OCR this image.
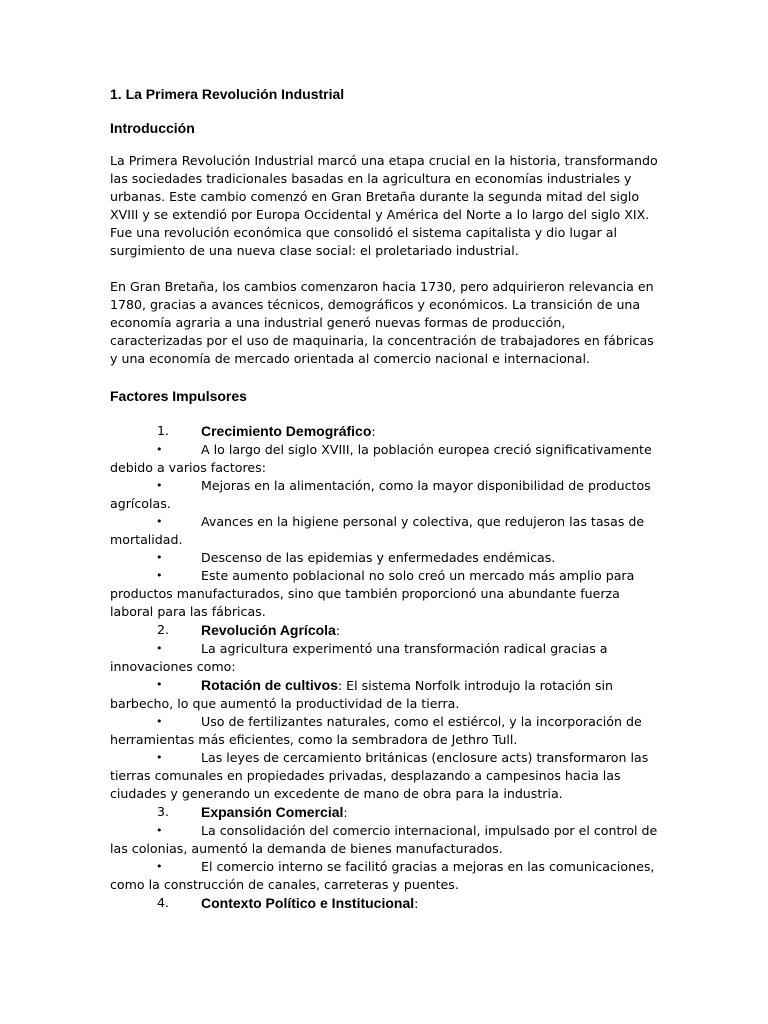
1. La Primera Revolución Industrial
Introducción

La Primera Revolución Industrial marcó una etapa crucial en la historia, transformando las sociedades tradicionales basadas en la agricultura en economías industriales y urbanas. Este cambio comenzó en Gran Bretaña durante la segunda mitad del siglo XVIII y se extendió por Europa Occidental y América del Norte a lo largo del siglo XIX. Fue una revolución económica que consolidó el sistema capitalista y dio lugar al surgimiento de una nueva clase social: el proletariado industrial.

En Gran Bretaña, los cambios comenzaron hacia 1730, pero adquirieron relevancia en 1780, gracias a avances técnicos, demográficos y económicos. La transición de una economía agraria a una industrial generó nuevas formas de producción, caracterizadas por el uso de maquinaria, la concentración de trabajadores en fábricas y una economía de mercado orientada al comercio nacional e internacional.

Factores Impulsores
1. Crecimiento Demográfico:
•	A lo largo del siglo XVIII, la población europea creció significativamente debido a varios factores:
•	Mejoras en la alimentación, como la mayor disponibilidad de productos agrícolas.
•	Avances en la higiene personal y colectiva, que redujeron las tasas de mortalidad.
•	Descenso de las epidemias y enfermedades endémicas.
•	Este aumento poblacional no solo creó un mercado más amplio para productos manufacturados, sino que también proporcionó una abundante fuerza laboral para las fábricas.
2. Revolución Agrícola:
•	La agricultura experimentó una transformación radical gracias a innovaciones como:
•	Rotación de cultivos: El sistema Norfolk introdujo la rotación sin barbecho, lo que aumentó la productividad de la tierra.
•	Uso de fertilizantes naturales, como el estiércol, y la incorporación de herramientas más eficientes, como la sembradora de Jethro Tull.
•	Las leyes de cercamiento británicas (enclosure acts) transformaron las tierras comunales en propiedades privadas, desplazando a campesinos hacia las ciudades y generando un excedente de mano de obra para la industria.
3. Expansión Comercial:
•	La consolidación del comercio internacional, impulsado por el control de las colonias, aumentó la demanda de bienes manufacturados.
•	El comercio interno se facilitó gracias a mejoras en las comunicaciones, como la construcción de canales, carreteras y puentes.
4. Contexto Político e Institucional:
